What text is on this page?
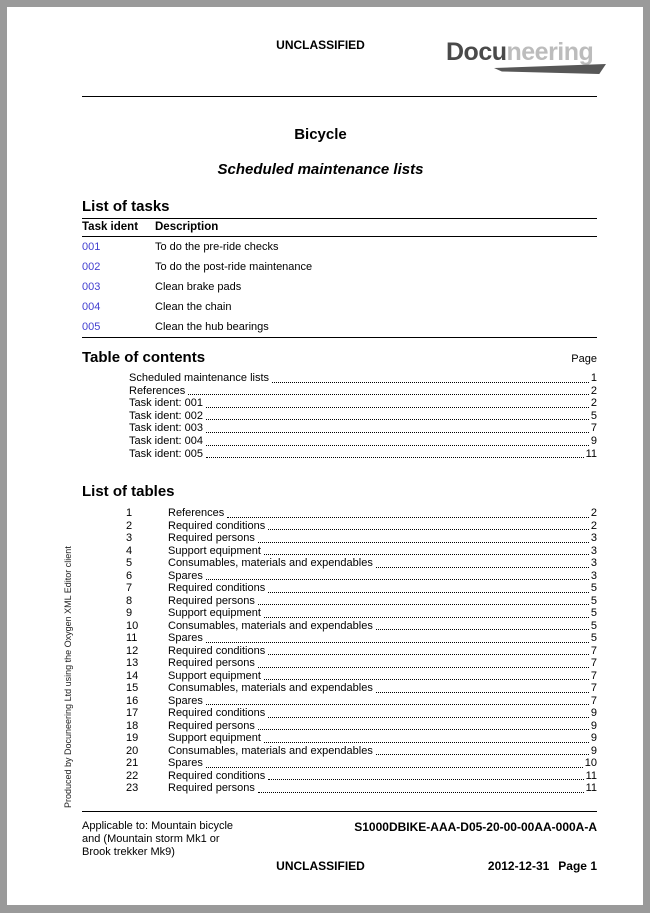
UNCLASSIFIED	Docuneering
Bicycle
Scheduled maintenance lists
List of tasks
Task ident	Description
001	To do the pre-ride checks
002	To do the post-ride maintenance
003	Clean brake pads
004	Clean the chain
005	Clean the hub bearings
Table of contents	Page
Scheduled maintenance lists	1
References	2
Task ident: 001	2
Task ident: 002	5
Task ident: 003	7
Task ident: 004	9
Task ident: 005	11
List of tables
1	References	2
2	Required conditions	2
3	Required persons	3
4	Support equipment	3
5	Consumables, materials and expendables	3
6	Spares	3
7	Required conditions	5
8	Required persons	5
9	Support equipment	5
10	Consumables, materials and expendables	5
11	Spares	5
12	Required conditions	7
13	Required persons	7
14	Support equipment	7
15	Consumables, materials and expendables	7
16	Spares	7
17	Required conditions	9
18	Required persons	9
19	Support equipment	9
20	Consumables, materials and expendables	9
21	Spares	10
22	Required conditions	11
23	Required persons	11
Applicable to: Mountain bicycle
and (Mountain storm Mk1 or
Brook trekker Mk9)
S1000DBIKE-AAA-D05-20-00-00AA-000A-A
UNCLASSIFIED	2012-12-31 Page 1
Produced by Docuneering Ltd using the Oxygen XML Editor client
